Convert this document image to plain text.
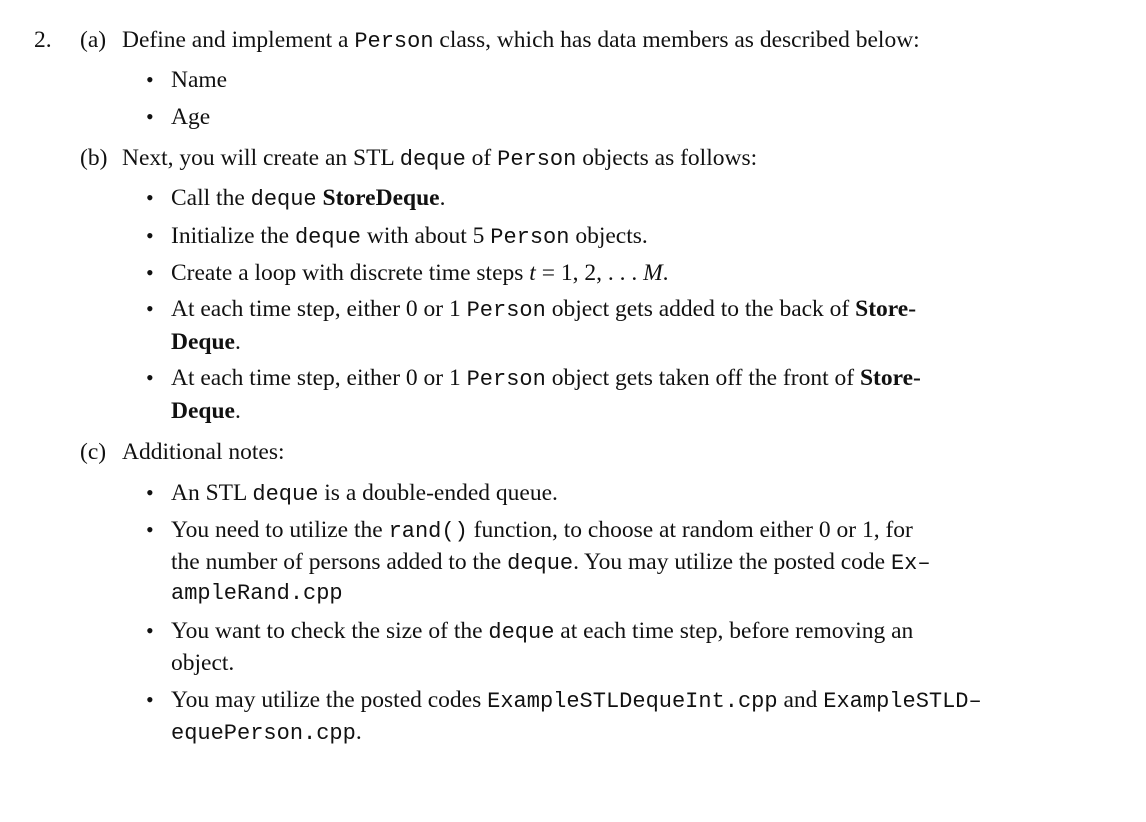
2. (a) Define and implement a Person class, which has data members as described below:
• Name
• Age
(b) Next, you will create an STL deque of Person objects as follows:
• Call the deque StoreDeque.
• Initialize the deque with about 5 Person objects.
• Create a loop with discrete time steps t = 1, 2, . . . M.
• At each time step, either 0 or 1 Person object gets added to the back of Store-
Deque.
• At each time step, either 0 or 1 Person object gets taken off the front of Store-
Deque.
(c) Additional notes:
• An STL deque is a double-ended queue.
• You need to utilize the rand() function, to choose at random either 0 or 1, for
the number of persons added to the deque. You may utilize the posted code Ex–
ampleRand.cpp
• You want to check the size of the deque at each time step, before removing an
object.
• You may utilize the posted codes ExampleSTLDequeInt.cpp and ExampleSTLD–
equePerson.cpp.
